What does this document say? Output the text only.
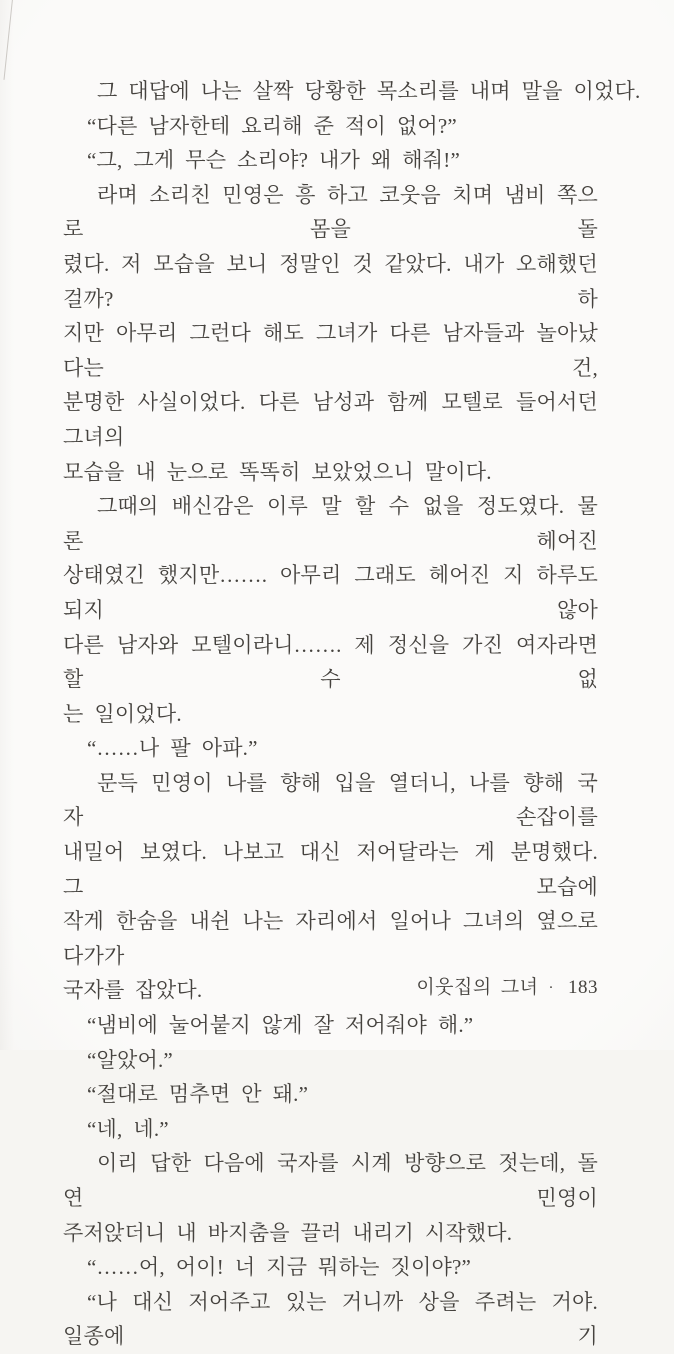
그 대답에 나는 살짝 당황한 목소리를 내며 말을 이었다.
“다른 남자한테 요리해 준 적이 없어?”
“그, 그게 무슨 소리야? 내가 왜 해줘!”
라며 소리친 민영은 흥 하고 코웃음 치며 냄비 쪽으로 몸을 돌
렸다. 저 모습을 보니 정말인 것 같았다. 내가 오해했던 걸까? 하
지만 아무리 그런다 해도 그녀가 다른 남자들과 놀아났다는 건,
분명한 사실이었다. 다른 남성과 함께 모텔로 들어서던 그녀의
모습을 내 눈으로 똑똑히 보았었으니 말이다.
그때의 배신감은 이루 말 할 수 없을 정도였다. 물론 헤어진
상태였긴 했지만……. 아무리 그래도 헤어진 지 하루도 되지 않아
다른 남자와 모텔이라니……. 제 정신을 가진 여자라면 할 수 없
는 일이었다.
“……나 팔 아파.”
문득 민영이 나를 향해 입을 열더니, 나를 향해 국자 손잡이를
내밀어 보였다. 나보고 대신 저어달라는 게 분명했다. 그 모습에
작게 한숨을 내쉰 나는 자리에서 일어나 그녀의 옆으로 다가가
국자를 잡았다.
“냄비에 눌어붙지 않게 잘 저어줘야 해.”
“알았어.”
“절대로 멈추면 안 돼.”
“네, 네.”
이리 답한 다음에 국자를 시계 방향으로 젓는데, 돌연 민영이
주저앉더니 내 바지춤을 끌러 내리기 시작했다.
“……어, 어이! 너 지금 뭐하는 짓이야?”
“나 대신 저어주고 있는 거니까 상을 주려는 거야. 일종에 기
이웃집의 그녀 · 183
